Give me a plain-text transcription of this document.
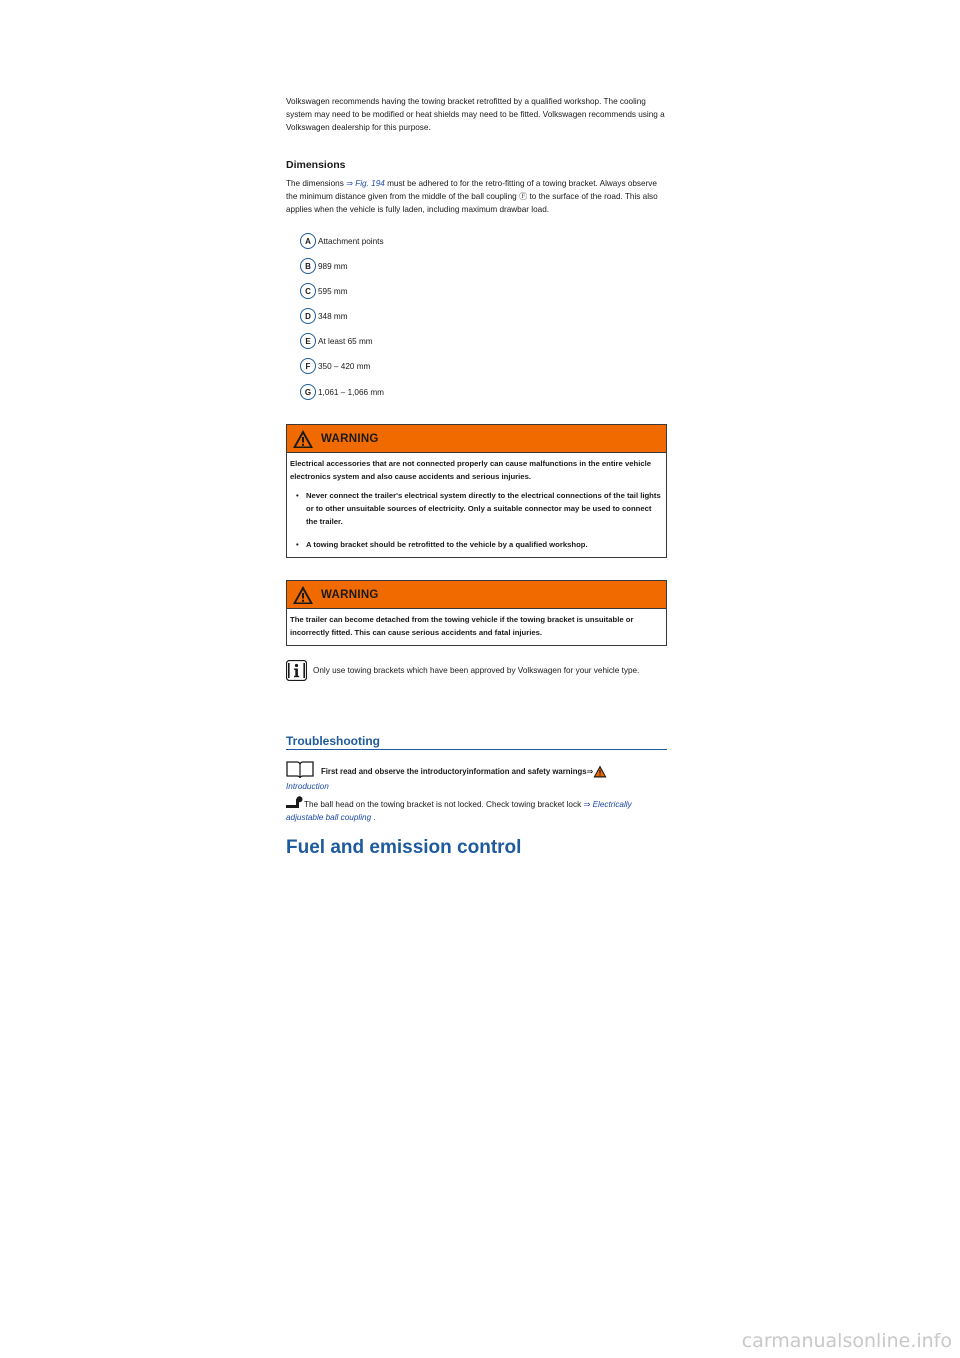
Volkswagen recommends having the towing bracket retrofitted by a qualified workshop. The cooling system may need to be modified or heat shields may need to be fitted. Volkswagen recommends using a Volkswagen dealership for this purpose.

Dimensions

The dimensions ⇒ Fig. 194 must be adhered to for the retro-fitting of a towing bracket. Always observe the minimum distance given from the middle of the ball coupling Ⓕ to the surface of the road. This also applies when the vehicle is fully laden, including maximum drawbar load.

A Attachment points
B 989 mm
C 595 mm
D 348 mm
E At least 65 mm
F 350 – 420 mm
G 1,061 – 1,066 mm
WARNING
Electrical accessories that are not connected properly can cause malfunctions in the entire vehicle electronics system and also cause accidents and serious injuries.
• Never connect the trailer's electrical system directly to the electrical connections of the tail lights or to other unsuitable sources of electricity. Only a suitable connector may be used to connect the trailer.
• A towing bracket should be retrofitted to the vehicle by a qualified workshop.
WARNING
The trailer can become detached from the towing vehicle if the towing bracket is unsuitable or incorrectly fitted. This can cause serious accidents and fatal injuries.
Only use towing brackets which have been approved by Volkswagen for your vehicle type.
Troubleshooting
First read and observe the introductoryinformation and safety warnings⇒
Introduction

The ball head on the towing bracket is not locked. Check towing bracket lock ⇒ Electrically adjustable ball coupling .

Fuel and emission control
carmanualsonline.info
